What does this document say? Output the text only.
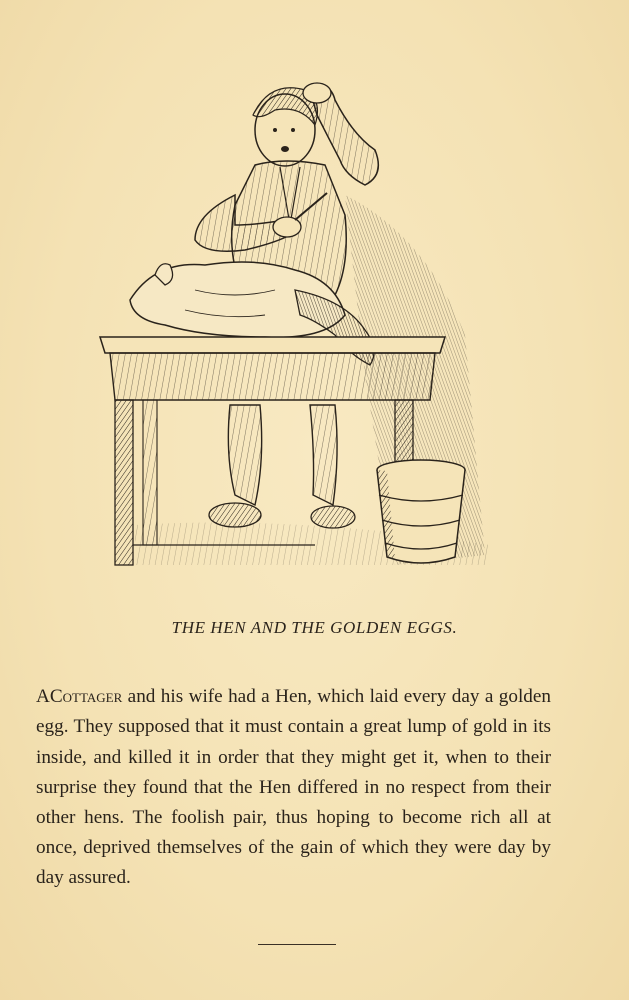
THE HEN AND THE GOLDEN EGGS.

ACottager and his wife had a Hen, which laid every day a golden egg. They supposed that it must contain a great lump of gold in its inside, and killed it in order that they might get it, when to their surprise they found that the Hen differed in no respect from their other hens. The foolish pair, thus hoping to become rich all at once, deprived themselves of the gain of which they were day by day assured.
